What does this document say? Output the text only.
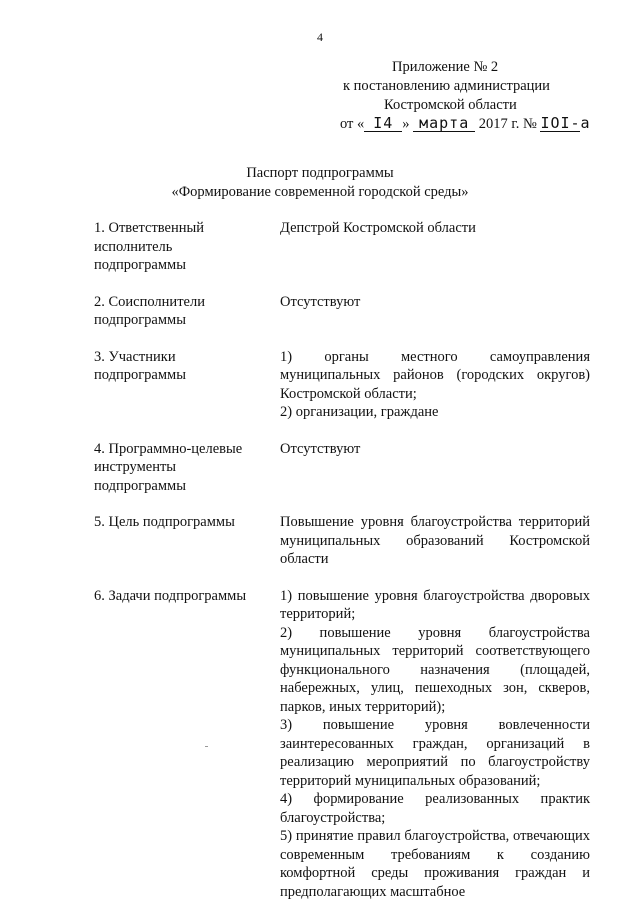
4
Приложение № 2
к постановлению администрации
Костромской области
от « I4 » марта 2017 г. № IOI-a
Паспорт подпрограммы
«Формирование современной городской среды»
1. Ответственный
исполнитель
подпрограммы
Депстрой Костромской области
2. Соисполнители
подпрограммы
Отсутствуют
3. Участники
подпрограммы
1) органы местного самоуправления муниципальных районов (городских округов) Костромской области;
2) организации, граждане
4. Программно-целевые
инструменты
подпрограммы
Отсутствуют
5. Цель подпрограммы	Повышение уровня благоустройства территорий муниципальных образований Костромской области
6. Задачи подпрограммы	1) повышение уровня благоустройства дворовых территорий;
2) повышение уровня благоустройства муниципальных территорий соответствующего функционального назначения (площадей, набережных, улиц, пешеходных зон, скверов, парков, иных территорий);
3) повышение уровня вовлеченности заинтересованных граждан, организаций в реализацию мероприятий по благоустройству территорий муниципальных образований;
4) формирование реализованных практик благоустройства;
5) принятие правил благоустройства, отвечающих современным требованиям к созданию комфортной среды проживания граждан и предполагающих масштабное
